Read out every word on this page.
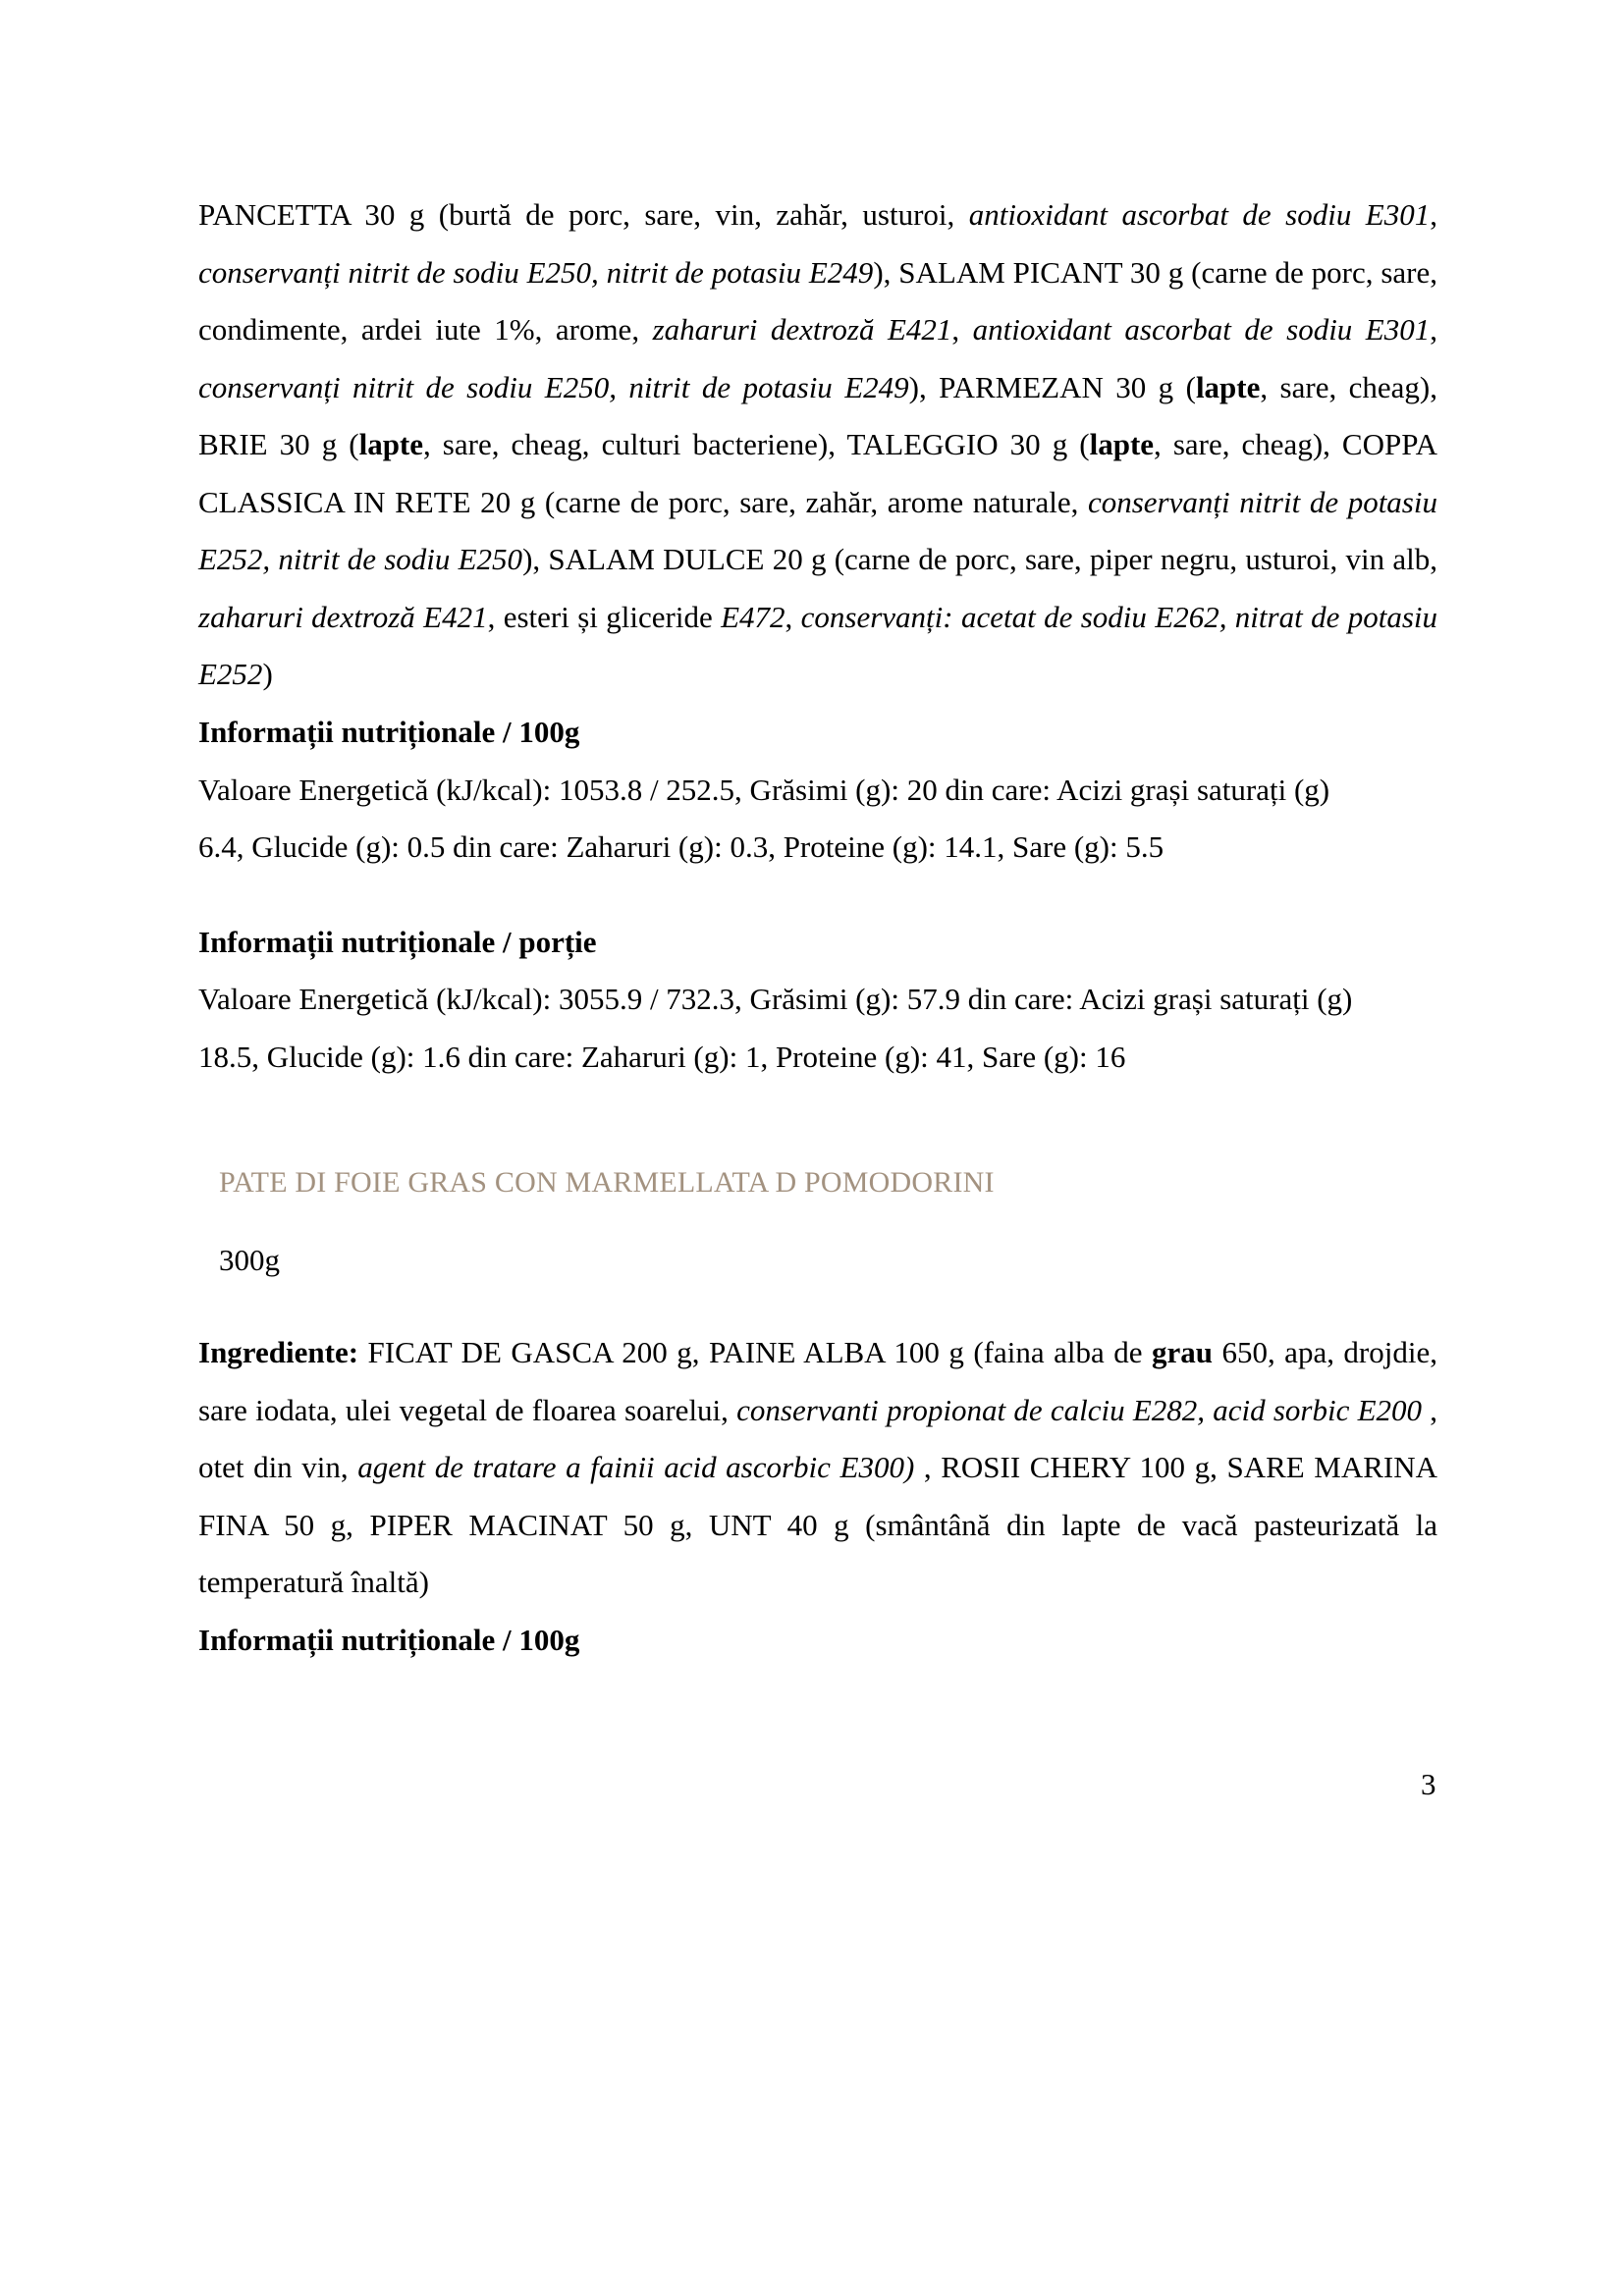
PANCETTA 30 g (burtă de porc, sare, vin, zahăr, usturoi, antioxidant ascorbat de sodiu E301, conservanți nitrit de sodiu E250, nitrit de potasiu E249), SALAM PICANT 30 g (carne de porc, sare, condimente, ardei iute 1%, arome, zaharuri dextroză E421, antioxidant ascorbat de sodiu E301, conservanți nitrit de sodiu E250, nitrit de potasiu E249), PARMEZAN 30 g (lapte, sare, cheag), BRIE 30 g (lapte, sare, cheag, culturi bacteriene), TALEGGIO 30 g (lapte, sare, cheag), COPPA CLASSICA IN RETE 20 g (carne de porc, sare, zahăr, arome naturale, conservanți nitrit de potasiu E252, nitrit de sodiu E250), SALAM DULCE 20 g (carne de porc, sare, piper negru, usturoi, vin alb, zaharuri dextroză E421, esteri și gliceride E472, conservanți: acetat de sodiu E262, nitrat de potasiu E252)

Informații nutriționale / 100g

Valoare Energetică (kJ/kcal): 1053.8 / 252.5, Grăsimi (g): 20 din care: Acizi grași saturați (g)

6.4, Glucide (g): 0.5 din care: Zaharuri (g): 0.3, Proteine (g): 14.1, Sare (g): 5.5

Informații nutriționale / porție

Valoare Energetică (kJ/kcal): 3055.9 / 732.3, Grăsimi (g): 57.9 din care: Acizi grași saturați (g)

18.5, Glucide (g): 1.6 din care: Zaharuri (g): 1, Proteine (g): 41, Sare (g): 16

PATE DI FOIE GRAS CON MARMELLATA D POMODORINI
300g

Ingrediente: FICAT DE GASCA 200 g, PAINE ALBA 100 g (faina alba de grau 650, apa, drojdie, sare iodata, ulei vegetal de floarea soarelui, conservanti propionat de calciu E282, acid sorbic E200 , otet din vin, agent de tratare a fainii acid ascorbic E300) , ROSII CHERY 100 g, SARE MARINA FINA 50 g, PIPER MACINAT 50 g, UNT 40 g (smântână din lapte de vacă pasteurizată la temperatură înaltă)

Informații nutriționale / 100g

3
